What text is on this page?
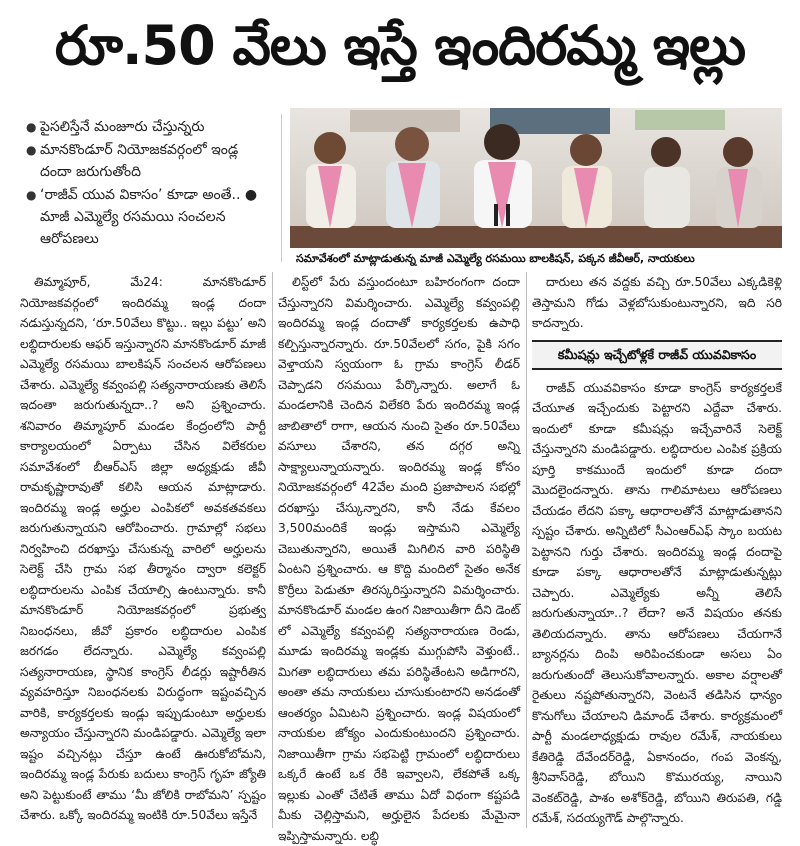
రూ.50 వేలు ఇస్తే ఇందిరమ్మ ఇల్లు
● పైసలిస్తేనే మంజూరు చేస్తున్నరు
● మానకొండూర్ నియోజకవర్గంలో ఇండ్ల దందా జరుగుతోంది
● ‘రాజీవ్ యువ వికాసం’ కూడా అంతే.. ● మాజీ ఎమ్మెల్యే రసమయి సంచలన ఆరోపణలు
సమావేశంలో మాట్లాడుతున్న మాజీ ఎమ్మెల్యే రసమయి బాలకిషన్, పక్కన జీవీఆర్, నాయకులు

తిమ్మాపూర్, మే24: మానకొండూర్ నియోజకవర్గంలో ఇందిరమ్మ ఇండ్ల దందా నడుస్తున్నదని, ‘రూ.50వేలు కొట్టు.. ఇల్లు పట్టు’ అని లబ్ధిదారులకు ఆఫర్ ఇస్తున్నారని మానకొండూర్ మాజీ ఎమ్మెల్యే రసమయి బాలకిషన్ సంచలన ఆరోపణలు చేశారు. ఎమ్మెల్యే కవ్వంపల్లి సత్యనారాయణకు తెలిసే ఇదంతా జరుగుతున్నదా..? అని ప్రశ్నించారు. శనివారం తిమ్మాపూర్ మండల కేంద్రంలోని పార్టీ కార్యాలయంలో ఏర్పాటు చేసిన విలేకరుల సమావేశంలో బీఆర్ఎస్ జిల్లా అధ్యక్షుడు జీవీ రామకృష్ణారావుతో కలిసి ఆయన మాట్లాడారు. ఇందిరమ్మ ఇండ్ల అర్హుల ఎంపికలో అవకతవకలు జరుగుతున్నాయని ఆరోపించారు. గ్రామాల్లో సభలు నిర్వహించి దరఖాస్తు చేసుకున్న వారిలో అర్హులను సెలెక్ట్ చేసి గ్రామ సభ తీర్మానం ద్వారా కలెక్టర్ లబ్ధిదారులను ఎంపిక చేయాల్సి ఉంటున్నారు. కానీ మానకొండూర్ నియోజకవర్గంలో ప్రభుత్వ నిబంధనలు, జీవో ప్రకారం లబ్ధిదారుల ఎంపిక జరగడం లేదన్నారు. ఎమ్మెల్యే కవ్వంపల్లి సత్యనారాయణ, స్థానిక కాంగ్రెస్ లీడర్లు ఇష్టారీతిన వ్యవహరిస్తూ నిబంధనలకు విరుద్ధంగా ఇష్టంవచ్చిన వారికి, కార్యకర్తలకు ఇండ్లు ఇప్పుడుంటూ అర్హులకు అన్యాయం చేస్తున్నారని మండిపడ్డారు. ఎమ్మెల్యే ఇలా ఇష్టం వచ్చినట్లు చేస్తూ ఉంటే ఊరుకోబోమని, ఇందిరమ్మ ఇండ్ల పేరుకు బదులు కాంగ్రెస్ గృహ జ్యోతి అని పెట్టుకుంటే తాము ‘మీ జోలికి రాబోమని’ స్పష్టం చేశారు. ఒక్కో ఇందిరమ్మ ఇంటికి రూ.50వేలు ఇస్తేనే

లిస్ట్‌లో పేరు వస్తుందంటూ బహిరంగంగా దందా చేస్తున్నారని విమర్శించారు. ఎమ్మెల్యే కవ్వంపల్లి ఇందిరమ్మ ఇండ్ల దందాతో కార్యకర్తలకు ఉపాధి కల్పిస్తున్నారన్నారు. రూ.50వేలలో సగం, పైకి సగం వెళ్తాయని స్వయంగా ఓ గ్రామ కాంగ్రెస్ లీడర్ చెప్పాడని రసమయి పేర్కొన్నారు. అలాగే ఓ మండలానికి చెందిన విలేకరి పేరు ఇందిరమ్మ ఇండ్ల జాబితాలో రాగా, ఆయన నుంచి సైతం రూ.50వేలు వసూలు చేశారని, తన దగ్గర అన్ని సాక్ష్యాలున్నాయన్నారు. ఇందిరమ్మ ఇండ్ల కోసం నియోజకవర్గంలో 42వేల మంది ప్రజాపాలన సభల్లో దరఖాస్తు చేస్కున్నారని, కానీ నేడు కేవలం 3,500మందికే ఇండ్లు ఇస్తామని ఎమ్మెల్యే చెబుతున్నారని, అయితే మిగిలిన వారి పరిస్థితి ఏంటని ప్రశ్నించారు. ఆ కొద్ది మందిలో సైతం అనేక కొర్రీలు పెడుతూ తిరస్కరిస్తున్నారని విమర్శించారు. మానకొండూర్ మండల ఉంగ నిజాయితీగా దీని డెంట్ లో ఎమ్మెల్యే కవ్వంపల్లి సత్యనారాయణ రెండు, మూడు ఇందిరమ్మ ఇండ్లకు ముగ్గుపోసి వెళ్తుంటే.. మిగతా లబ్ధిదారులు తమ పరిస్థితేంటని అడిగారని, అంతా తమ నాయకులు చూసుకుంటారని అనడంతో ఆంతర్యం ఏమిటని ప్రశ్నించారు. ఇండ్ల విషయంలో నాయకుల జోక్యం ఎందుకుంటుందని ప్రశ్నించారు. నిజాయితీగా గ్రామ సభపెట్టి గ్రామంలో లబ్ధిదారులు ఒక్కరే ఉంటే ఒక రేకి ఇవ్వాలని, లేకపోతే ఒక్క ఇల్లుకు ఎంతో చేటితే తాము ఏదో విధంగా కష్టపడి మీకు చెల్లిస్తామని, అర్హులైన పేదలకు మేమైనా ఇప్పిస్తామన్నారు. లబ్ధి

దారులు తన వద్దకు వచ్చి రూ.50వేలు ఎక్కడికెళ్లి తెస్తామని గోడు వెళ్లబోసుకుంటున్నారని, ఇది సరి కాదన్నారు.

కమీషన్లు ఇచ్చేటోళ్లకే రాజీవ్ యువవికాసం

రాజీవ్ యువవికాసం కూడా కాంగ్రెస్ కార్యకర్తలకే చేయూత ఇచ్చేందుకు పెట్టారని ఎద్దేవా చేశారు. ఇందులో కూడా కమీషన్లు ఇచ్చేవారినే సెలెక్ట్ చేస్తున్నారని మండిపడ్డారు. లబ్ధిదారుల ఎంపిక ప్రక్రియ పూర్తి కాకముందే ఇందులో కూడా దందా మొదలైందన్నారు. తాను గాలిమాటలు ఆరోపణలు చేయడం లేదని పక్కా ఆధారాలతోనే మాట్లాడుతానని స్పష్టం చేశారు. అన్నిటిలో సీఎంఆర్ఎఫ్ స్కాం బయట పెట్టానని గుర్తు చేశారు. ఇందిరమ్మ ఇండ్ల దందాపై కూడా పక్కా ఆధారాలతోనే మాట్లాడుతున్నట్లు చెప్పారు. ఎమ్మెల్యేకు అన్నీ తెలిసే జరుగుతున్నాయా..? లేదా? అనే విషయం తనకు తెలియదన్నారు. తాను ఆరోపణలు చేయగానే బ్యానర్లను దింపి అరిపించకుండా అసలు ఏం జరుగుతుందో తెలుసుకోవాలన్నారు. అకాల వర్షాలతో రైతులు నష్టపోతున్నారని, వెంటనే తడిసిన ధాన్యం కొనుగోలు చేయాలని డిమాండ్ చేశారు. కార్యక్రమంలో పార్టీ మండలాధ్యక్షుడు రావుల రమేశ్, నాయకులు కేతిరెడ్డి దేవేందర్‌రెడ్డి, ఏకానందం, గంప వెంకన్న, శ్రీనివాస్‌రెడ్డి, బోయిని కొమురయ్య, నాయిని వెంకట్‌రెడ్డి, పాశం అశోక్‌రెడ్డి, బోయిని తిరుపతి, గడ్డి రమేశ్, సదయ్యగౌడ్ పాల్గొన్నారు.
